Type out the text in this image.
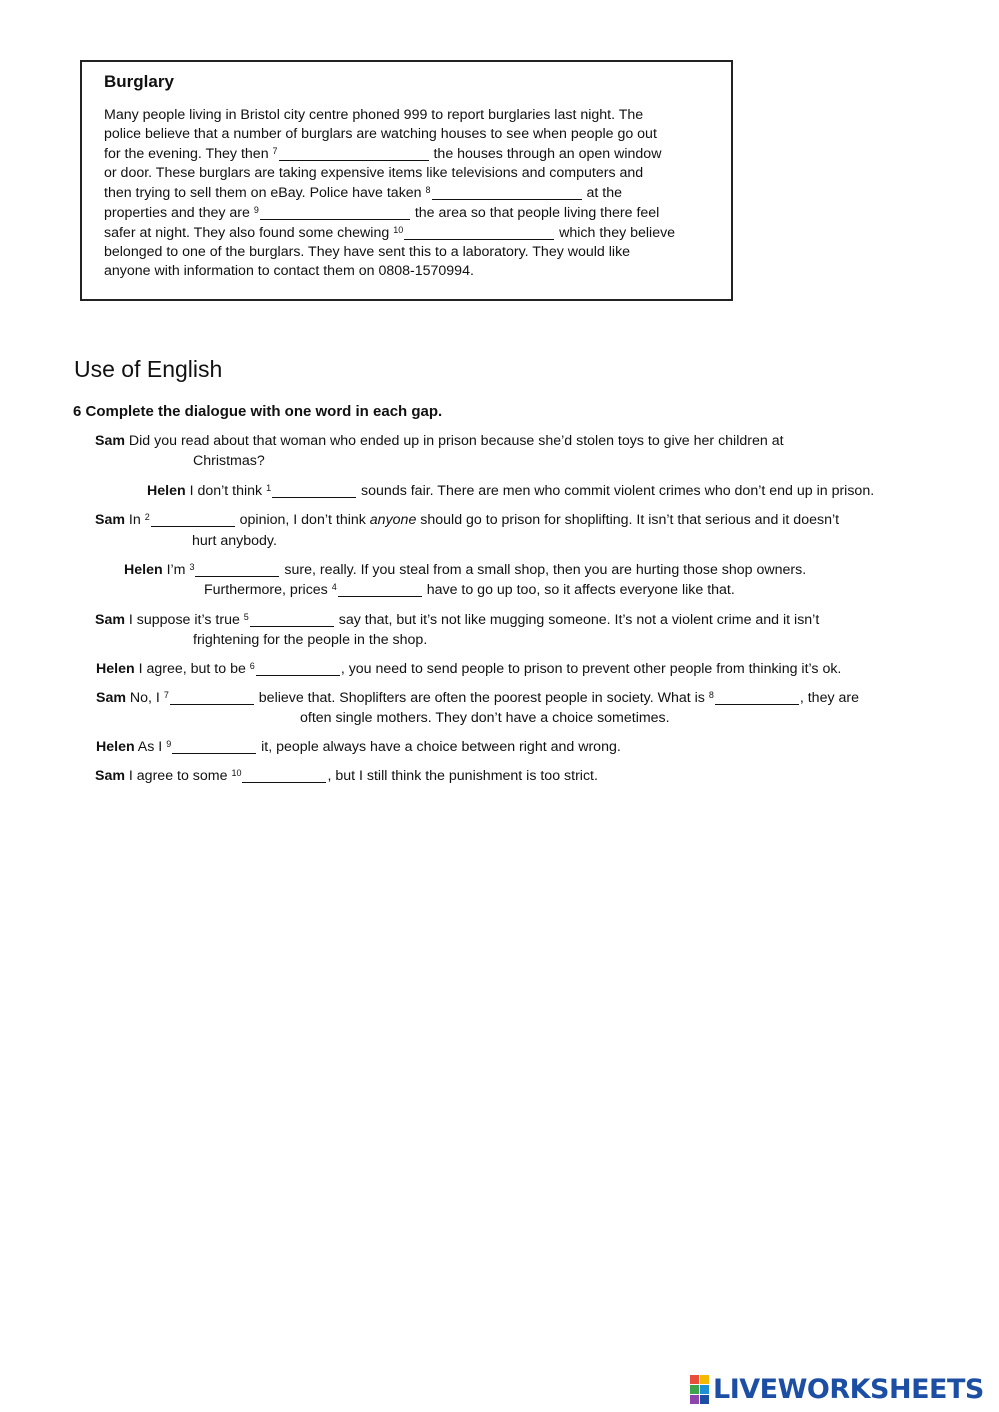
Burglary
Many people living in Bristol city centre phoned 999 to report burglaries last night. The
police believe that a number of burglars are watching houses to see when people go out
for the evening. They then $^7$	the houses through an open window
or door. These burglars are taking expensive items like televisions and computers and
then trying to sell them on eBay. Police have taken $^8$	at the
properties and they are $^9$	the area so that people living there feel
safer at night. They also found some chewing $^{10}$	which they believe
belonged to one of the burglars. They have sent this to a laboratory. They would like
anyone with information to contact them on 0808-1570994.
Use of English
6 Complete the dialogue with one word in each gap.
Sam Did you read about that woman who ended up in prison because she’d stolen toys to give her children at
Christmas?
Helen I don’t think $^1$	sounds fair. There are men who commit violent crimes who don’t end up in prison.
Sam In $^2$	opinion, I don’t think anyone should go to prison for shoplifting. It isn’t that serious and it doesn’t
hurt anybody.
Helen I’m $^3$	sure, really. If you steal from a small shop, then you are hurting those shop owners.
Furthermore, prices $^4$	have to go up too, so it affects everyone like that.
Sam I suppose it’s true $^5$	say that, but it’s not like mugging someone. It’s not a violent crime and it isn’t
frightening for the people in the shop.
Helen I agree, but to be $^6$	, you need to send people to prison to prevent other people from thinking it’s ok.
Sam No, I $^7$	believe that. Shoplifters are often the poorest people in society. What is $^8$	, they are
often single mothers. They don’t have a choice sometimes.
Helen As I $^9$	it, people always have a choice between right and wrong.
Sam I agree to some $^{10}$	, but I still think the punishment is too strict.
LIVEWORKSHEETS
